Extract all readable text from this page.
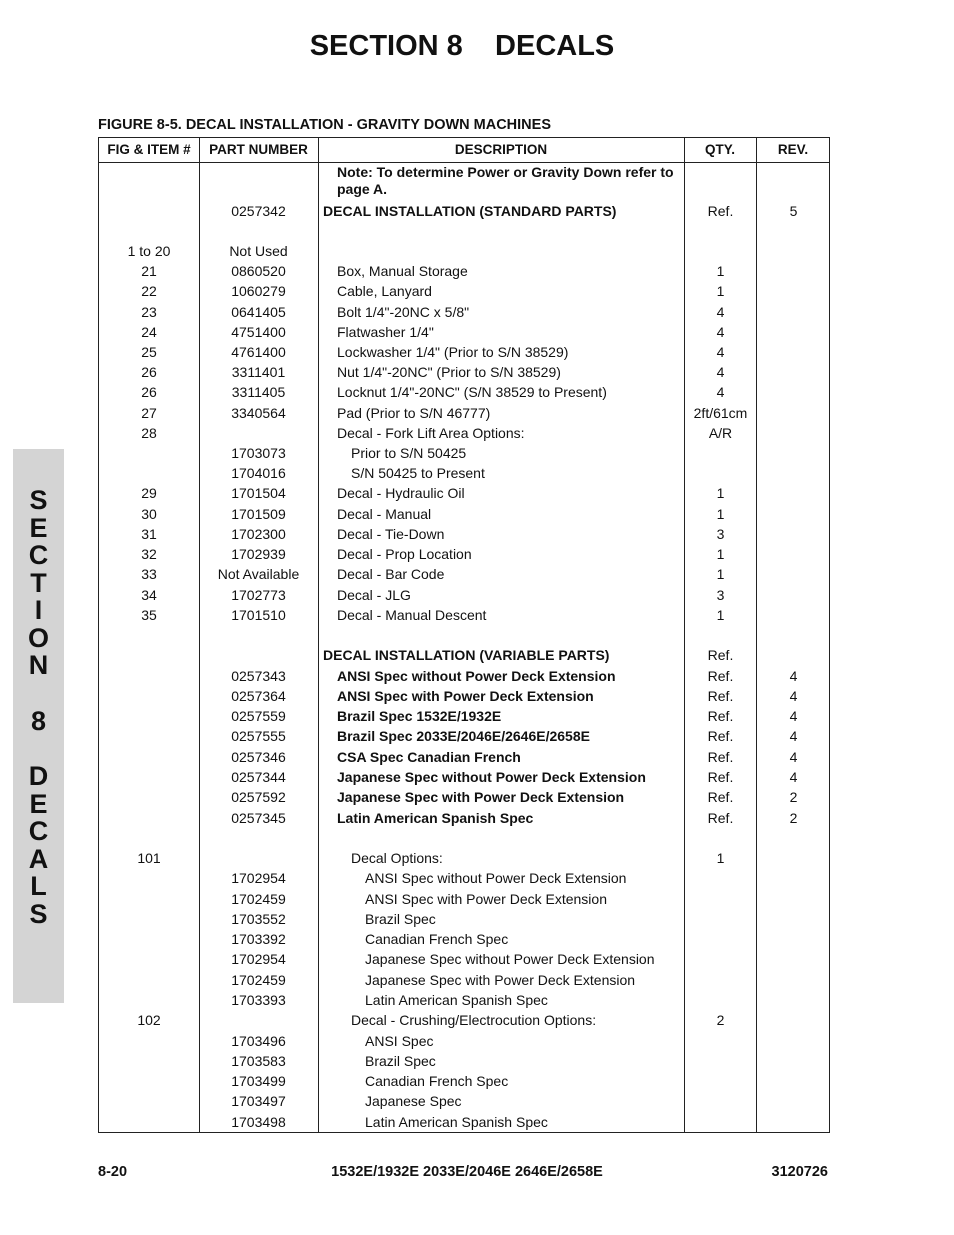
SECTION 8    DECALS
S
E
C
T
I
O
N
8
D
E
C
A
L
S
FIGURE 8-5. DECAL INSTALLATION - GRAVITY DOWN MACHINES
FIG & ITEM #	PART NUMBER	DESCRIPTION	QTY.	REV.
Note: To determine Power or Gravity Down refer to page A.
0257342	DECAL INSTALLATION (STANDARD PARTS)	Ref.	5
1 to 20	Not Used
21	0860520	Box, Manual Storage	1
22	1060279	Cable, Lanyard	1
23	0641405	Bolt 1/4"-20NC x 5/8"	4
24	4751400	Flatwasher 1/4"	4
25	4761400	Lockwasher 1/4" (Prior to S/N 38529)	4
26	3311401	Nut 1/4"-20NC" (Prior to S/N 38529)	4
26	3311405	Locknut 1/4"-20NC" (S/N 38529 to Present)	4
27	3340564	Pad (Prior to S/N 46777)	2ft/61cm
28	Decal - Fork Lift Area Options:	A/R
1703073	Prior to S/N 50425
1704016	S/N 50425 to Present
29	1701504	Decal - Hydraulic Oil	1
30	1701509	Decal - Manual	1
31	1702300	Decal - Tie-Down	3
32	1702939	Decal - Prop Location	1
33	Not Available	Decal - Bar Code	1
34	1702773	Decal - JLG	3
35	1701510	Decal - Manual Descent	1
DECAL INSTALLATION (VARIABLE PARTS)	Ref.
0257343	ANSI Spec without Power Deck Extension	Ref.	4
0257364	ANSI Spec with Power Deck Extension	Ref.	4
0257559	Brazil Spec 1532E/1932E	Ref.	4
0257555	Brazil Spec 2033E/2046E/2646E/2658E	Ref.	4
0257346	CSA Spec Canadian French	Ref.	4
0257344	Japanese Spec without Power Deck Extension	Ref.	4
0257592	Japanese Spec with Power Deck Extension	Ref.	2
0257345	Latin American Spanish Spec	Ref.	2
101	Decal Options:	1
1702954	ANSI Spec without Power Deck Extension
1702459	ANSI Spec with Power Deck Extension
1703552	Brazil Spec
1703392	Canadian French Spec
1702954	Japanese Spec without Power Deck Extension
1702459	Japanese Spec with Power Deck Extension
1703393	Latin American Spanish Spec
102	Decal - Crushing/Electrocution Options:	2
1703496	ANSI Spec
1703583	Brazil Spec
1703499	Canadian French Spec
1703497	Japanese Spec
1703498	Latin American Spanish Spec
8-20	1532E/1932E 2033E/2046E 2646E/2658E	3120726
